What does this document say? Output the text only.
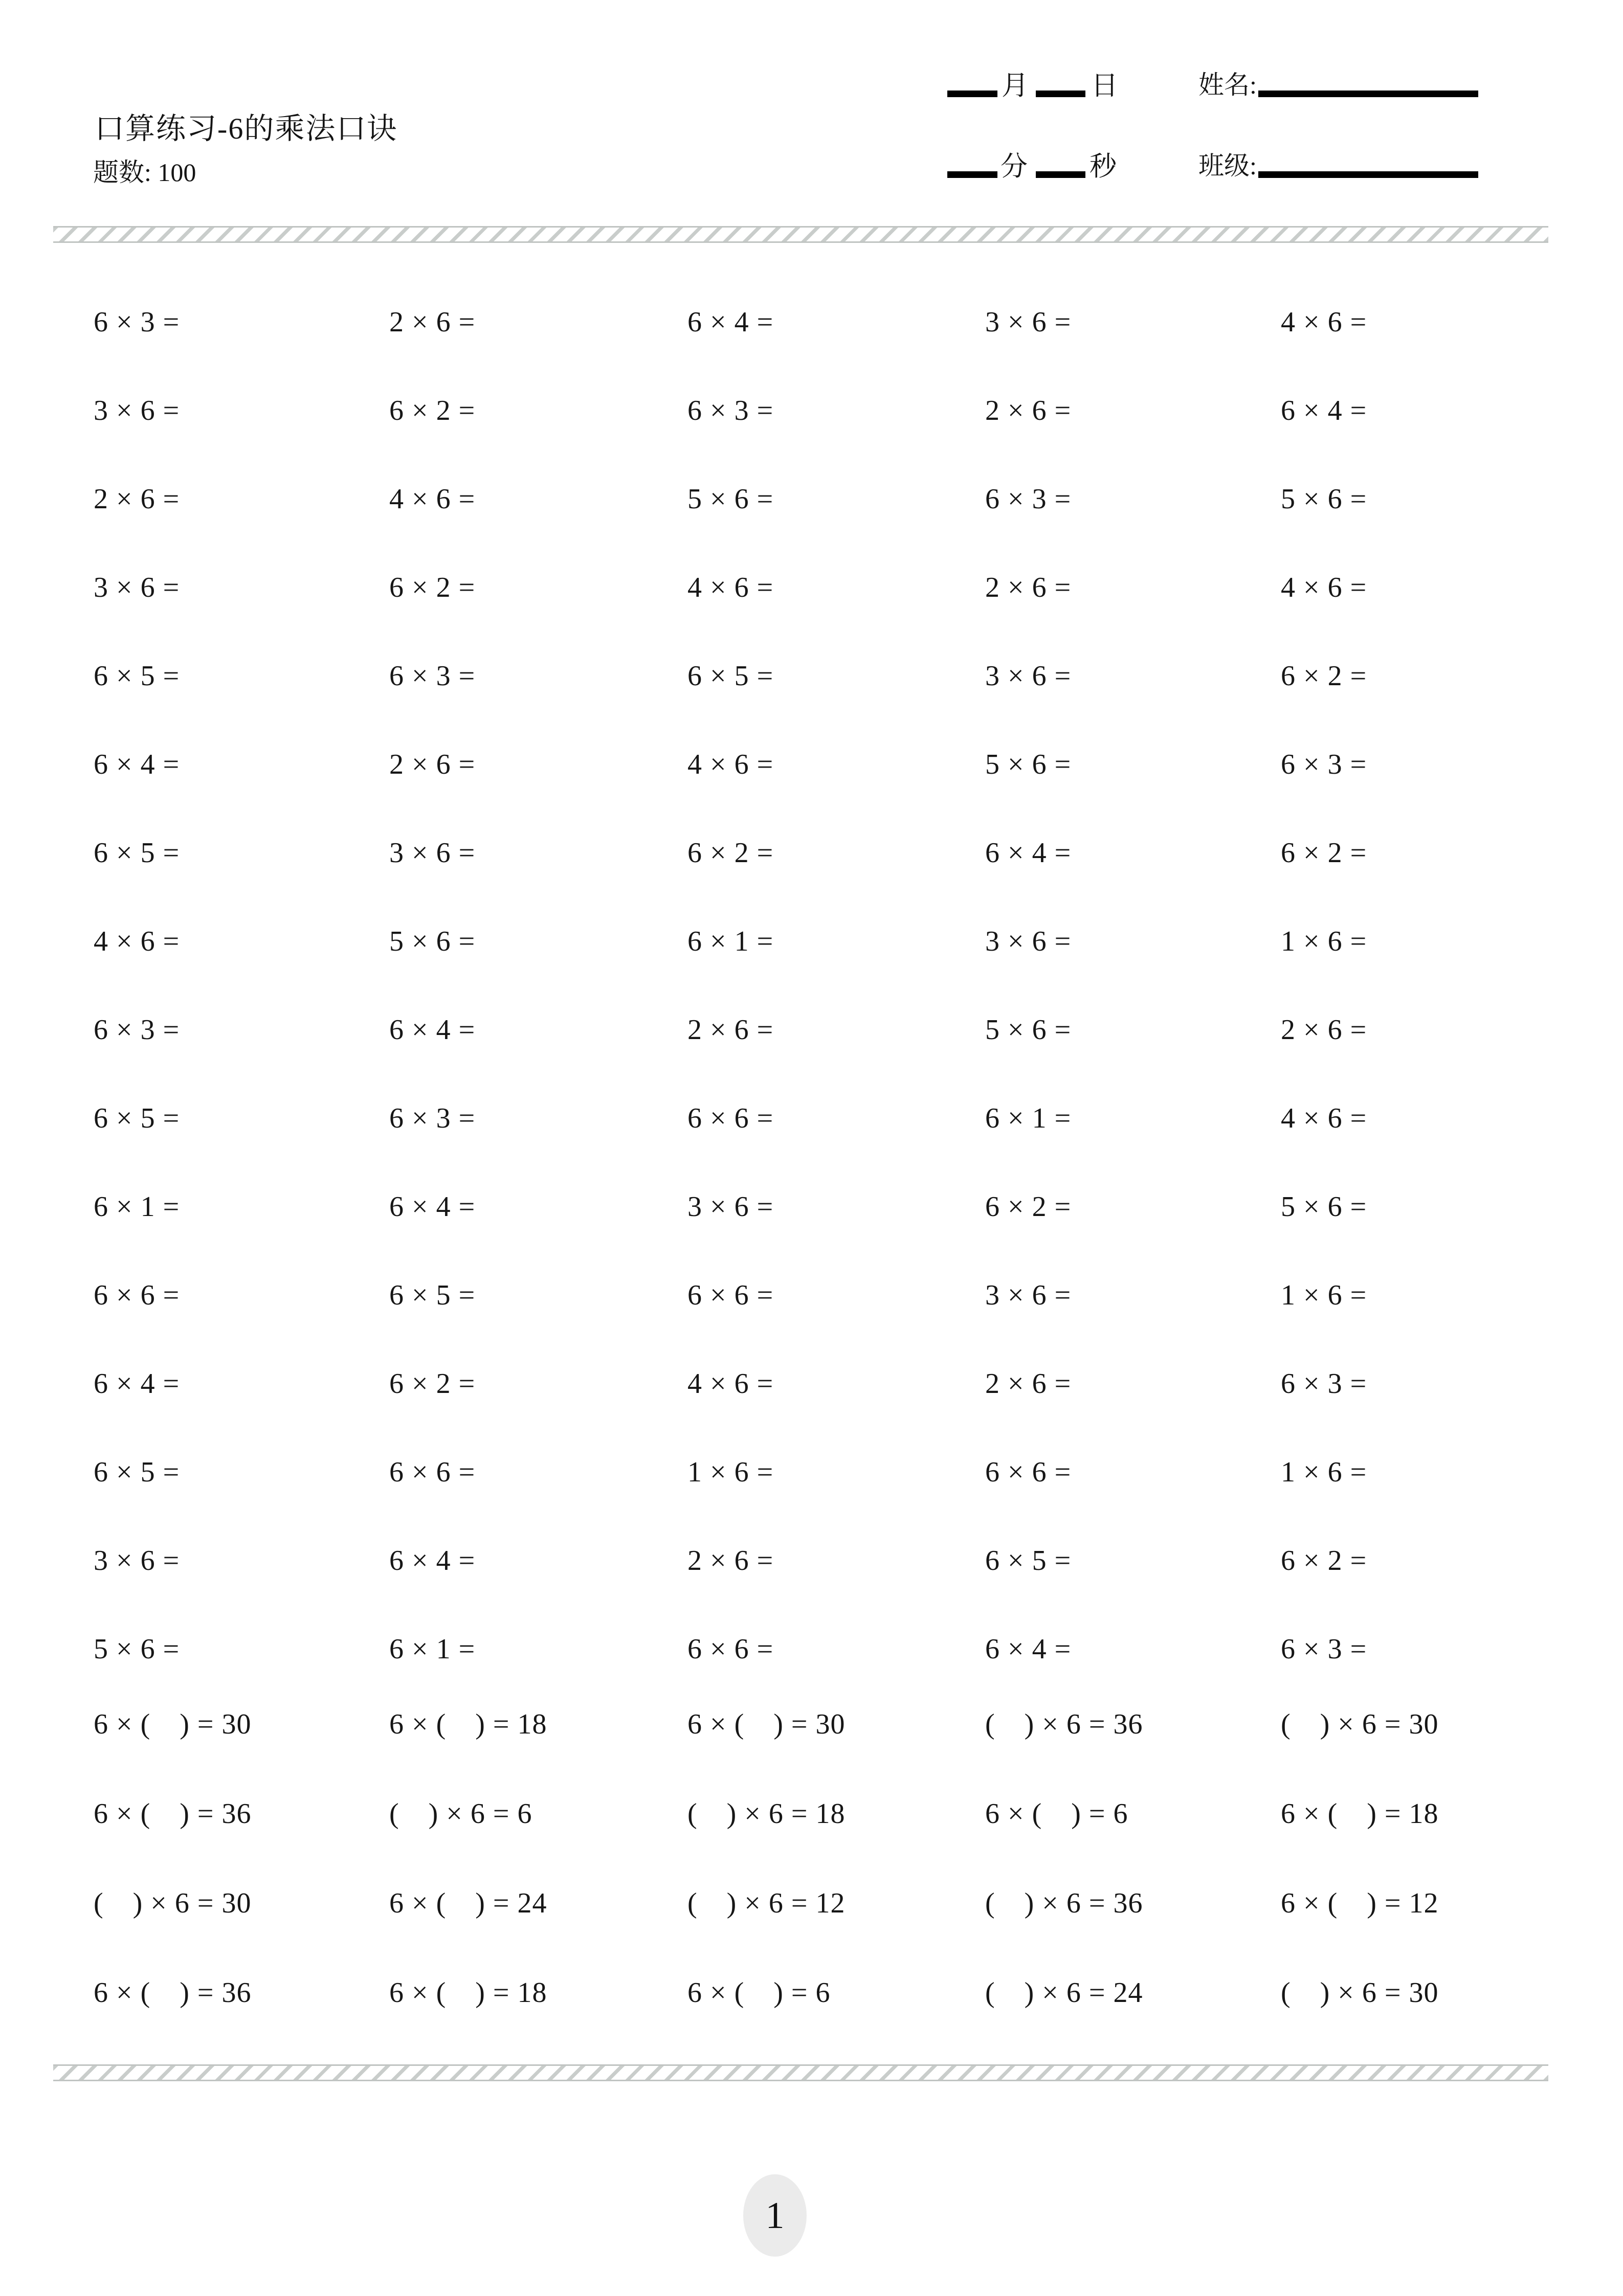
口算练习-6的乘法口诀
题数: 100
月 日	姓名:
分 秒	班级:
6 × 3 =	2 × 6 =	6 × 4 =	3 × 6 =	4 × 6 =
3 × 6 =	6 × 2 =	6 × 3 =	2 × 6 =	6 × 4 =
2 × 6 =	4 × 6 =	5 × 6 =	6 × 3 =	5 × 6 =
3 × 6 =	6 × 2 =	4 × 6 =	2 × 6 =	4 × 6 =
6 × 5 =	6 × 3 =	6 × 5 =	3 × 6 =	6 × 2 =
6 × 4 =	2 × 6 =	4 × 6 =	5 × 6 =	6 × 3 =
6 × 5 =	3 × 6 =	6 × 2 =	6 × 4 =	6 × 2 =
4 × 6 =	5 × 6 =	6 × 1 =	3 × 6 =	1 × 6 =
6 × 3 =	6 × 4 =	2 × 6 =	5 × 6 =	2 × 6 =
6 × 5 =	6 × 3 =	6 × 6 =	6 × 1 =	4 × 6 =
6 × 1 =	6 × 4 =	3 × 6 =	6 × 2 =	5 × 6 =
6 × 6 =	6 × 5 =	6 × 6 =	3 × 6 =	1 × 6 =
6 × 4 =	6 × 2 =	4 × 6 =	2 × 6 =	6 × 3 =
6 × 5 =	6 × 6 =	1 × 6 =	6 × 6 =	1 × 6 =
3 × 6 =	6 × 4 =	2 × 6 =	6 × 5 =	6 × 2 =
5 × 6 =	6 × 1 =	6 × 6 =	6 × 4 =	6 × 3 =
6 × (　) = 30	6 × (　) = 18	6 × (　) = 30	(　) × 6 = 36	(　) × 6 = 30
6 × (　) = 36	(　) × 6 = 6	(　) × 6 = 18	6 × (　) = 6	6 × (　) = 18
(　) × 6 = 30	6 × (　) = 24	(　) × 6 = 12	(　) × 6 = 36	6 × (　) = 12
6 × (　) = 36	6 × (　) = 18	6 × (　) = 6	(　) × 6 = 24	(　) × 6 = 30
1
